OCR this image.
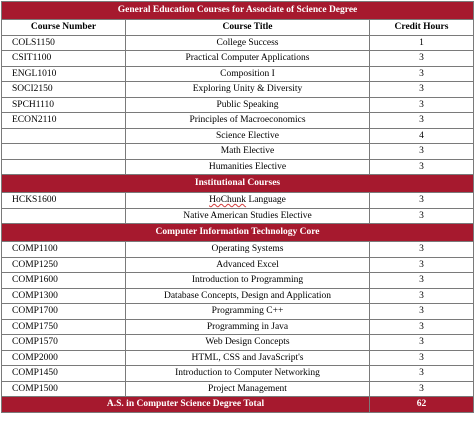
General Education Courses for Associate of Science Degree		
Course Number	Course Title	Credit Hours
COLS1150	College Success	1
CSIT1100	Practical Computer Applications	3
ENGL1010	Composition I	3
SOCI2150	Exploring Unity & Diversity	3
SPCH1110	Public Speaking	3
ECON2110	Principles of Macroeconomics	3
	Science Elective	4
	Math Elective	3
	Humanities Elective	3
Institutional Courses		
HCKS1600	HoChunk Language	3
	Native American Studies Elective	3
Computer Information Technology Core		
COMP1100	Operating Systems	3
COMP1250	Advanced Excel	3
COMP1600	Introduction to Programming	3
COMP1300	Database Concepts, Design and Application	3
COMP1700	Programming C++	3
COMP1750	Programming in Java	3
COMP1570	Web Design Concepts	3
COMP2000	HTML, CSS and JavaScript's	3
COMP1450	Introduction to Computer Networking	3
COMP1500	Project Management	3
A.S. in Computer Science Degree Total		62
